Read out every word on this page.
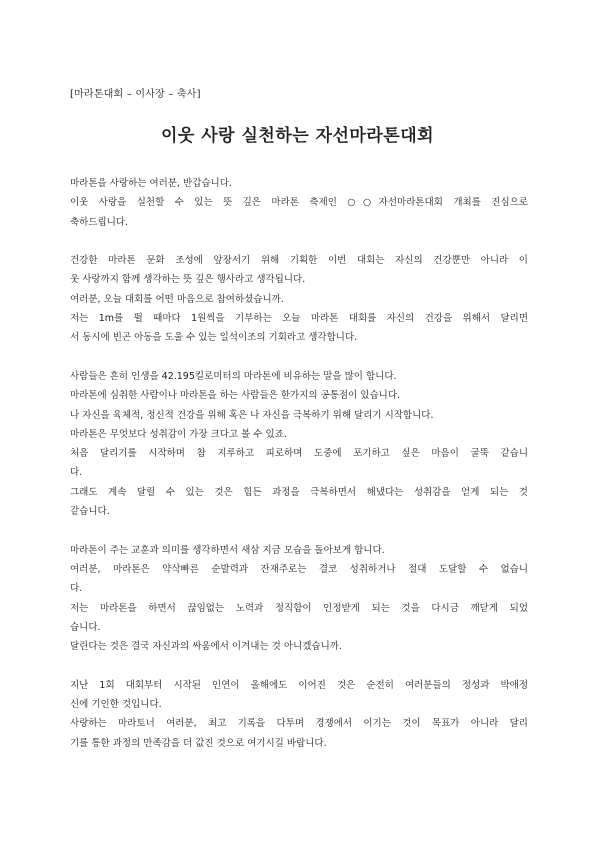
[마라톤대회 – 이사장 – 축사]
이웃 사랑 실천하는 자선마라톤대회
마라톤을 사랑하는 여러분, 반갑습니다.
이웃 사랑을 실천할 수 있는 뜻 깊은 마라톤 축제인 ○○자선마라톤대회 개최를 진심으로
축하드립니다.
건강한 마라톤 문화 조성에 앞장서기 위해 기획한 이번 대회는 자신의 건강뿐만 아니라 이
웃 사랑까지 함께 생각하는 뜻 깊은 행사라고 생각됩니다.
여러분, 오늘 대회를 어떤 마음으로 참여하셨습니까.
저는 1m를 뛸 때마다 1원씩을 기부하는 오늘 마라톤 대회를 자신의 건강을 위해서 달리면
서 동시에 빈곤 아동을 도울 수 있는 일석이조의 기회라고 생각합니다.
사람들은 흔히 인생을 42.195킬로미터의 마라톤에 비유하는 말을 많이 합니다.
마라톤에 심취한 사람이나 마라톤을 하는 사람들은 한가지의 공통점이 있습니다.
나 자신을 육체적, 정신적 건강을 위해 혹은 나 자신을 극복하기 위해 달리기 시작합니다.
마라톤은 무엇보다 성취감이 가장 크다고 볼 수 있죠.
처음 달리기를 시작하며 참 지루하고 피로하며 도중에 포기하고 싶은 마음이 굴뚝 같습니
다.
그래도 계속 달릴 수 있는 것은 힘든 과정을 극복하면서 해냈다는 성취감을 얻게 되는 것
같습니다.
마라톤이 주는 교훈과 의미를 생각하면서 새삼 지금 모습을 돌아보게 합니다.
여러분, 마라톤은 약삭빠른 순발력과 잔재주로는 결코 성취하거나 절대 도달할 수 없습니
다.
저는 마라톤을 하면서 끊임없는 노력과 정직함이 인정받게 되는 것을 다시금 깨닫게 되었
습니다.
달린다는 것은 결국 자신과의 싸움에서 이겨내는 것 아니겠습니까.
지난 1회 대회부터 시작된 인연이 올해에도 이어진 것은 순전히 여러분들의 정성과 박애정
신에 기인한 것입니다.
사랑하는 마라토너 여러분, 최고 기록을 다투며 경쟁에서 이기는 것이 목표가 아니라 달리
기를 통한 과정의 만족감을 더 값진 것으로 여기시길 바랍니다.
